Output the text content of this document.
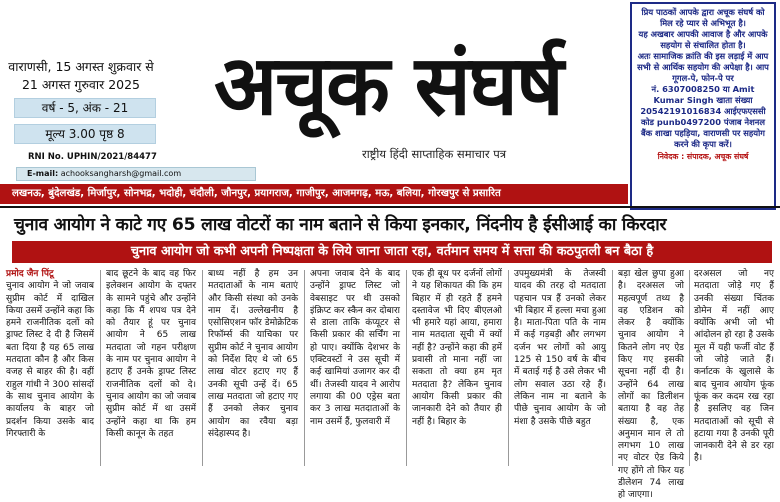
वाराणसी, 15 अगस्त शुक्रवार से
21 अगस्त गुरुवार 2025
वर्ष - 5, अंक - 21
मूल्य 3.00 पृष्ठ 8
RNI No. UPHIN/2021/84477
अचूक संघर्ष
राष्ट्रीय हिंदी साप्ताहिक समाचार पत्र
E-mail: achooksangharsh@gmail.com

प्रिय पाठकों आपके द्वारा अचूक संघर्ष को मिल रहे प्यार से अभिभूत है।

यह अखबार आपकी आवाज है और आपके सहयोग से संचालित होता है।

अतः सामाजिक क्रांति की इस लड़ाई में आप सभी से आर्थिक सहयोग की अपेक्षा है। आप गूगल-पे, फोन-पे पर

नं. 6307008250 या Amit Kumar Singh खाता संख्या 20542191016834 आईएफएससी कोड punb0497200 पंजाब नेशनल बैंक शाखा पहड़िया, वाराणसी पर सहयोग करने की कृपा करें।

निवेदक : संपादक, अचूक संघर्ष

लखनऊ, बुंदेलखंड, मिर्जापुर, सोनभद्र, भदोही, चंदौली, जौनपुर, प्रयागराज, गाजीपुर, आजमगढ़, मऊ, बलिया, गोरखपुर से प्रसारित
चुनाव आयोग ने काटे गए 65 लाख वोटरों का नाम बताने से किया इनकार, निंदनीय है ईसीआई का किरदार
चुनाव आयोग जो कभी अपनी निष्पक्षता के लिये जाना जाता रहा, वर्तमान समय में सत्ता की कठपुतली बन बैठा है

प्रमोद जैन पिंटू

चुनाव आयोग ने जो जवाब सुप्रीम कोर्ट में दाखिल किया उसमें उन्होंने कहा कि हमने राजनीतिक दलों को ड्राफ्ट लिस्ट दे दी है जिसमें बता दिया है यह 65 लाख मतदाता कौन है और किस वजह से बाहर की है। वहीं राहुल गांधी ने 300 सांसदों के साथ चुनाव आयोग के कार्यालय के बाहर जो प्रदर्शन किया उसके बाद गिरफ्तारी के

बाद छूटने के बाद वह फिर इलेक्शन आयोग के दफ्तर के सामने पहुंचे और उन्होंने कहा कि मैं शपथ पत्र देने को तैयार हूं पर चुनाव आयोग ने 65 लाख मतदाता जो गहन परीक्षण के नाम पर चुनाव आयोग ने हटाए हैं उनके ड्राफ्ट लिस्ट राजनीतिक दलों को दे। चुनाव आयोग का जो जवाब सुप्रीम कोर्ट में था उसमें उन्होंने कहा था कि हम किसी कानून के तहत

बाध्य नहीं है हम उन मतदाताओं के नाम बताएं और किसी संस्था को उनके नाम दें। उल्लेखनीय है एसोसिएशन फॉर डेमोक्रेटिक रिफॉर्म्स की याचिका पर सुप्रीम कोर्ट ने चुनाव आयोग को निर्देश दिए थे जो 65 लाख वोटर हटाए गए हैं उनकी सूची उन्हें दें। 65 लाख मतदाता जो हटाए गए हैं उनको लेकर चुनाव आयोग का रवैया बड़ा संदेहास्पद है।

अपना जवाब देने के बाद उन्होंने ड्राफ्ट लिस्ट जो वेबसाइट पर थी उसको इंक्रिप्ट कर स्कैन कर दोबारा से डाला ताकि कंप्यूटर से किसी प्रकार की सर्चिंग ना हो पाए। क्योंकि देशभर के एक्टिवस्टों ने उस सूची में कई खामियां उजागर कर दी थीं। तेजस्वी यादव ने आरोप लगाया की 00 एड्रेस बता कर 3 लाख मतदाताओं के नाम उसमें हैं, फुलवारी में

एक ही बूथ पर दर्जनों लोगों ने यह शिकायत की कि हम बिहार में ही रहते हैं हमने दस्तावेज भी दिए बीएलओ भी हमारे यहां आया, हमारा नाम मतदाता सूची में क्यों नहीं है? उन्होंने कहा की हमें प्रवासी तो माना नहीं जा सकता तो क्या हम मृत मतदाता है? लेकिन चुनाव आयोग किसी प्रकार की जानकारी देने को तैयार ही नहीं है। बिहार के

उपमुख्यमंत्री के तेजस्वी यादव की तरह दो मतदाता पहचान पत्र हैं उनको लेकर भी बिहार में हल्ला मचा हुआ है। माता-पिता पति के नाम में कई गड़बड़ी और लगभग दर्जन भर लोगों को आयु 125 से 150 वर्ष के बीच में बताई गई है उसे लेकर भी लोग सवाल उठा रहे हैं। लेकिन नाम ना बताने के पीछे चुनाव आयोग के जो मंशा है उसके पीछे बहुत

बड़ा खेल छुपा हुआ है। दरअसल जो महत्वपूर्ण तथ्य है वह एडिशन को लेकर है क्योंकि चुनाव आयोग ने कितने लोग नए ऐड किए गए इसकी सूचना नहीं दी है। उन्होंने 64 लाख लोगों का डिलीशन बताया है वह तेह संख्या है, एक अनुमान मान ले तो लगभग 10 लाख नए वोटर ऐड किये गए होंगे तो फिर यह डीलेशन 74 लाख हो जाएगा।

दरअसल जो नए मतदाता जोड़े गए हैं उनकी संख्या चिंतक डोमेन में नहीं आए क्योंकि अभी जो भी आंदोलन हो रहा है उसके मूल में यही फर्जी वोट हैं जो जोड़े जाते हैं। कर्नाटक के खुलासे के बाद चुनाव आयोग फूंक फूंक कर कदम रख रहा है इसलिए वह जिन मतदाताओं को सूची से हटाया गया है उनकी पूरी जानकारी देने से डर रहा है।
